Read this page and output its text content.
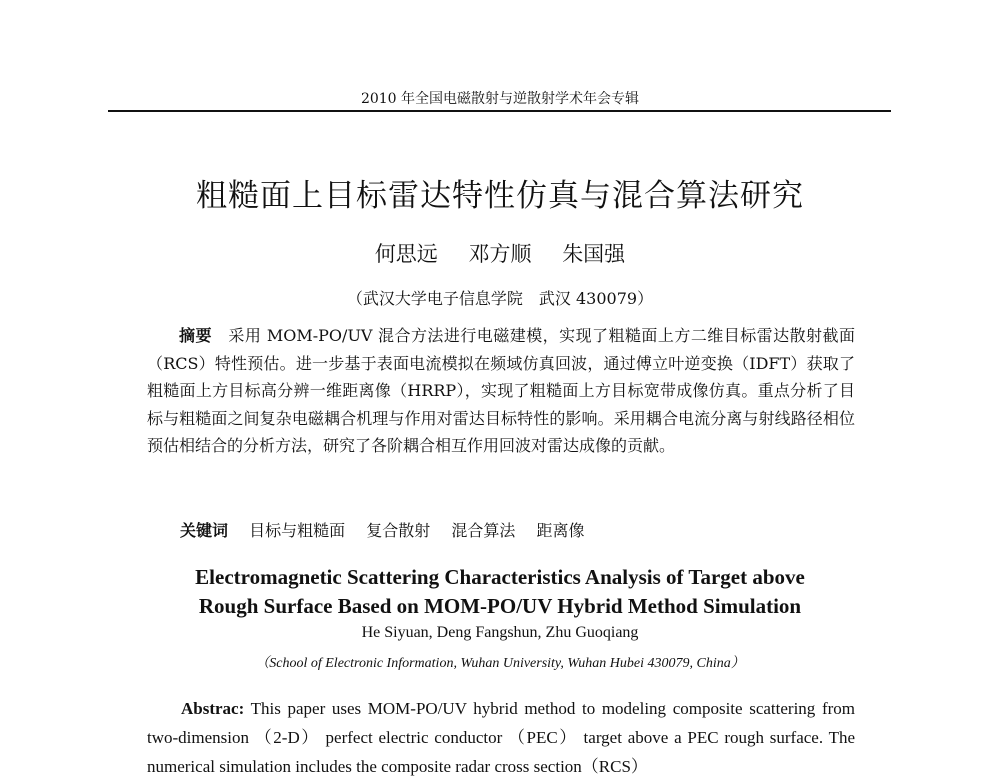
2010 年全国电磁散射与逆散射学术年会专辑
粗糙面上目标雷达特性仿真与混合算法研究
何思远 邓方顺 朱国强
（武汉大学电子信息学院　武汉 430079）

摘要　 采用 MOM-PO/UV 混合方法进行电磁建模，实现了粗糙面上方二维目标雷达散射截面（RCS）特性预估。进一步基于表面电流模拟在频域仿真回波，通过傅立叶逆变换（IDFT）获取了粗糙面上方目标高分辨一维距离像（HRRP），实现了粗糙面上方目标宽带成像仿真。重点分析了目标与粗糙面之间复杂电磁耦合机理与作用对雷达目标特性的影响。采用耦合电流分离与射线路径相位预估相结合的分析方法，研究了各阶耦合相互作用回波对雷达成像的贡献。

关键词 目标与粗糙面 复合散射 混合算法 距离像
Electromagnetic Scattering Characteristics Analysis of Target above
Rough Surface Based on MOM-PO/UV Hybrid Method Simulation
He Siyuan, Deng Fangshun, Zhu Guoqiang
（School of Electronic Information, Wuhan University, Wuhan Hubei 430079, China）

Abstrac: This paper uses MOM-PO/UV hybrid method to modeling composite scattering from two-dimension （2-D） perfect electric conductor （PEC） target above a PEC rough surface. The numerical simulation includes the composite radar cross section（RCS）
